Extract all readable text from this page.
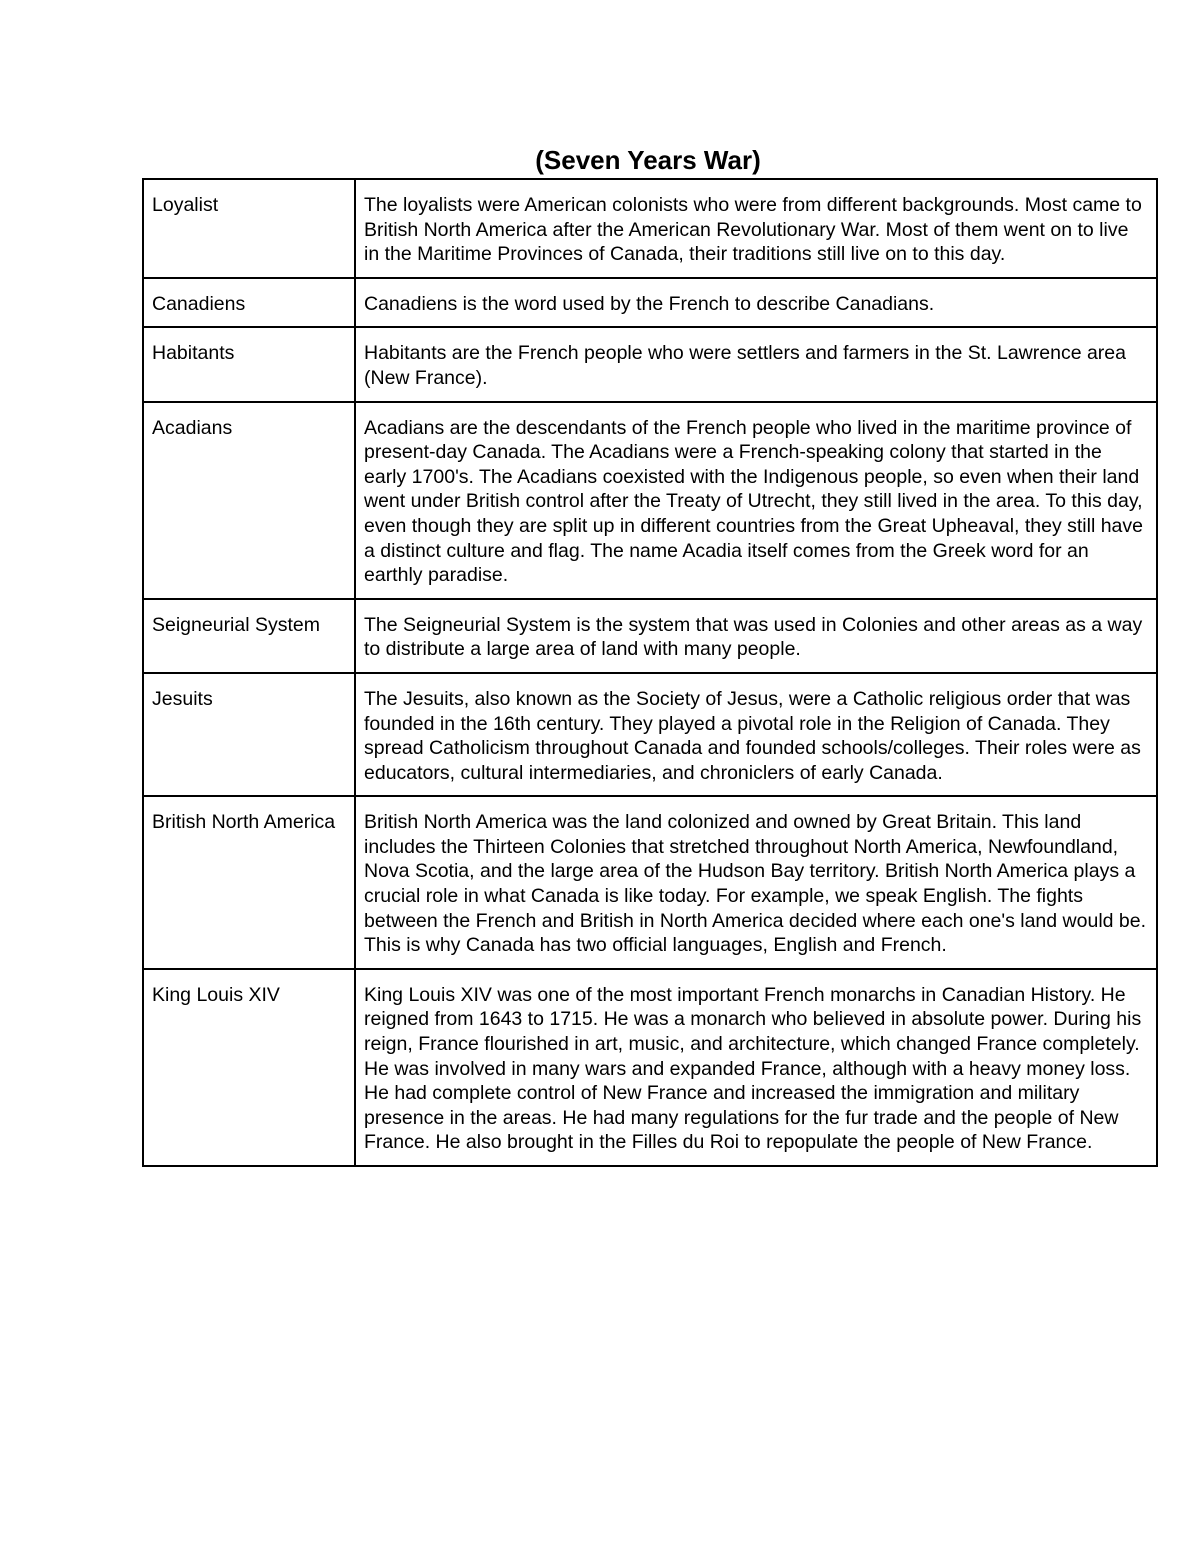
(Seven Years War)
Loyalist	The loyalists were American colonists who were from different backgrounds. Most came to British North America after the American Revolutionary War. Most of them went on to live in the Maritime Provinces of Canada, their traditions still live on to this day.
Canadiens	Canadiens is the word used by the French to describe Canadians.
Habitants	Habitants are the French people who were settlers and farmers in the St. Lawrence area (New France).
Acadians	Acadians are the descendants of the French people who lived in the maritime province of present-day Canada. The Acadians were a French-speaking colony that started in the early 1700's. The Acadians coexisted with the Indigenous people, so even when their land went under British control after the Treaty of Utrecht, they still lived in the area. To this day, even though they are split up in different countries from the Great Upheaval, they still have a distinct culture and flag. The name Acadia itself comes from the Greek word for an earthly paradise.
Seigneurial System	The Seigneurial System is the system that was used in Colonies and other areas as a way to distribute a large area of land with many people.
Jesuits	The Jesuits, also known as the Society of Jesus, were a Catholic religious order that was founded in the 16th century. They played a pivotal role in the Religion of Canada. They spread Catholicism throughout Canada and founded schools/colleges. Their roles were as educators, cultural intermediaries, and chroniclers of early Canada.
British North America	British North America was the land colonized and owned by Great Britain. This land includes the Thirteen Colonies that stretched throughout North America, Newfoundland, Nova Scotia, and the large area of the Hudson Bay territory. British North America plays a crucial role in what Canada is like today. For example, we speak English. The fights between the French and British in North America decided where each one's land would be. This is why Canada has two official languages, English and French.
King Louis XIV	King Louis XIV was one of the most important French monarchs in Canadian History. He reigned from 1643 to 1715. He was a monarch who believed in absolute power. During his reign, France flourished in art, music, and architecture, which changed France completely. He was involved in many wars and expanded France, although with a heavy money loss. He had complete control of New France and increased the immigration and military presence in the areas. He had many regulations for the fur trade and the people of New France. He also brought in the Filles du Roi to repopulate the people of New France.
